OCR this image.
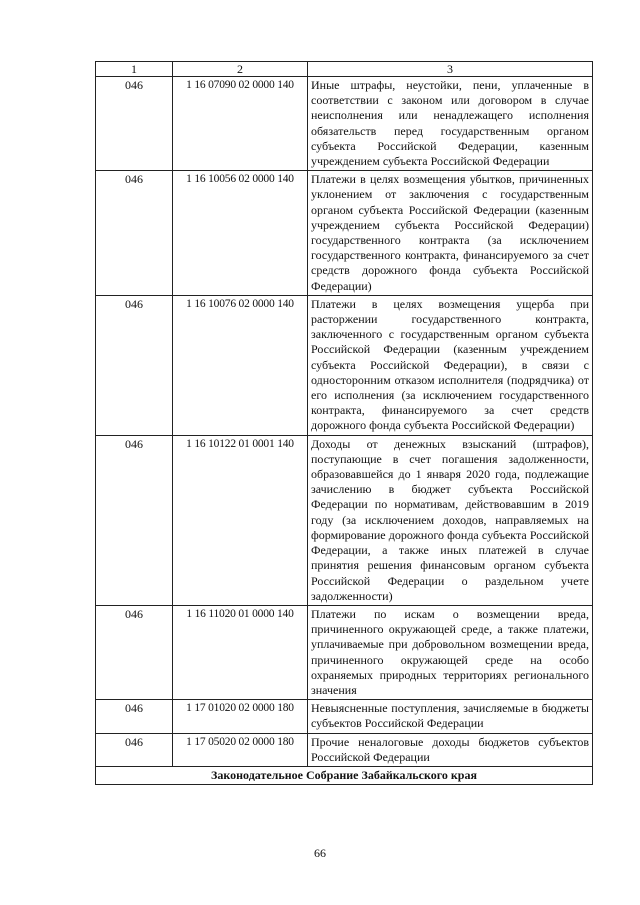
1	2	3
046	1 16 07090 02 0000 140	Иные штрафы, неустойки, пени, уплаченные в соответствии с законом или договором в случае неисполнения или ненадлежащего исполнения обязательств перед государственным органом субъекта Российской Федерации, казенным учреждением субъекта Российской Федерации
046	1 16 10056 02 0000 140	Платежи в целях возмещения убытков, причиненных уклонением от заключения с государственным органом субъекта Российской Федерации (казенным учреждением субъекта Российской Федерации) государственного контракта (за исключением государственного контракта, финансируемого за счет средств дорожного фонда субъекта Российской Федерации)
046	1 16 10076 02 0000 140	Платежи в целях возмещения ущерба при расторжении государственного контракта, заключенного с государственным органом субъекта Российской Федерации (казенным учреждением субъекта Российской Федерации), в связи с односторонним отказом исполнителя (подрядчика) от его исполнения (за исключением государственного контракта, финансируемого за счет средств дорожного фонда субъекта Российской Федерации)
046	1 16 10122 01 0001 140	Доходы от денежных взысканий (штрафов), поступающие в счет погашения задолженности, образовавшейся до 1 января 2020 года, подлежащие зачислению в бюджет субъекта Российской Федерации по нормативам, действовавшим в 2019 году (за исключением доходов, направляемых на формирование дорожного фонда субъекта Российской Федерации, а также иных платежей в случае принятия решения финансовым органом субъекта Российской Федерации о раздельном учете задолженности)
046	1 16 11020 01 0000 140	Платежи по искам о возмещении вреда, причиненного окружающей среде, а также платежи, уплачиваемые при добровольном возмещении вреда, причиненного окружающей среде на особо охраняемых природных территориях регионального значения
046	1 17 01020 02 0000 180	Невыясненные поступления, зачисляемые в бюджеты субъектов Российской Федерации
046	1 17 05020 02 0000 180	Прочие неналоговые доходы бюджетов субъектов Российской Федерации
Законодательное Собрание Забайкальского края		
66
